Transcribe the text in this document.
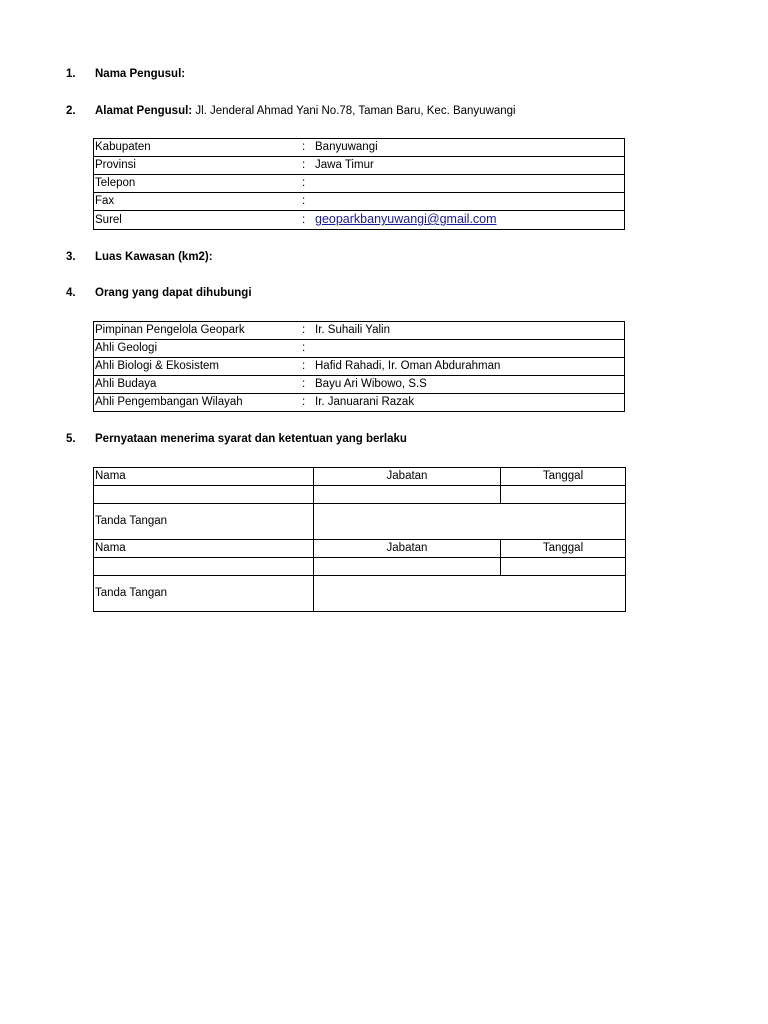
1. Nama Pengusul:
2. Alamat Pengusul: Jl. Jenderal Ahmad Yani No.78, Taman Baru, Kec. Banyuwangi
Kabupaten	:	Banyuwangi
Provinsi	:	Jawa Timur
Telepon	:	
Fax	:	
Surel	:	geoparkbanyuwangi@gmail.com
3. Luas Kawasan (km2):
4. Orang yang dapat dihubungi
Pimpinan Pengelola Geopark	:	Ir. Suhaili Yalin
Ahli Geologi	:	
Ahli Biologi & Ekosistem	:	Hafid Rahadi, Ir. Oman Abdurahman
Ahli Budaya	:	Bayu Ari Wibowo, S.S
Ahli Pengembangan Wilayah	:	Ir. Januarani Razak
5. Pernyataan menerima syarat dan ketentuan yang berlaku
Nama	Jabatan	Tanggal

Tanda Tangan		
Nama	Jabatan	Tanggal

Tanda Tangan		
